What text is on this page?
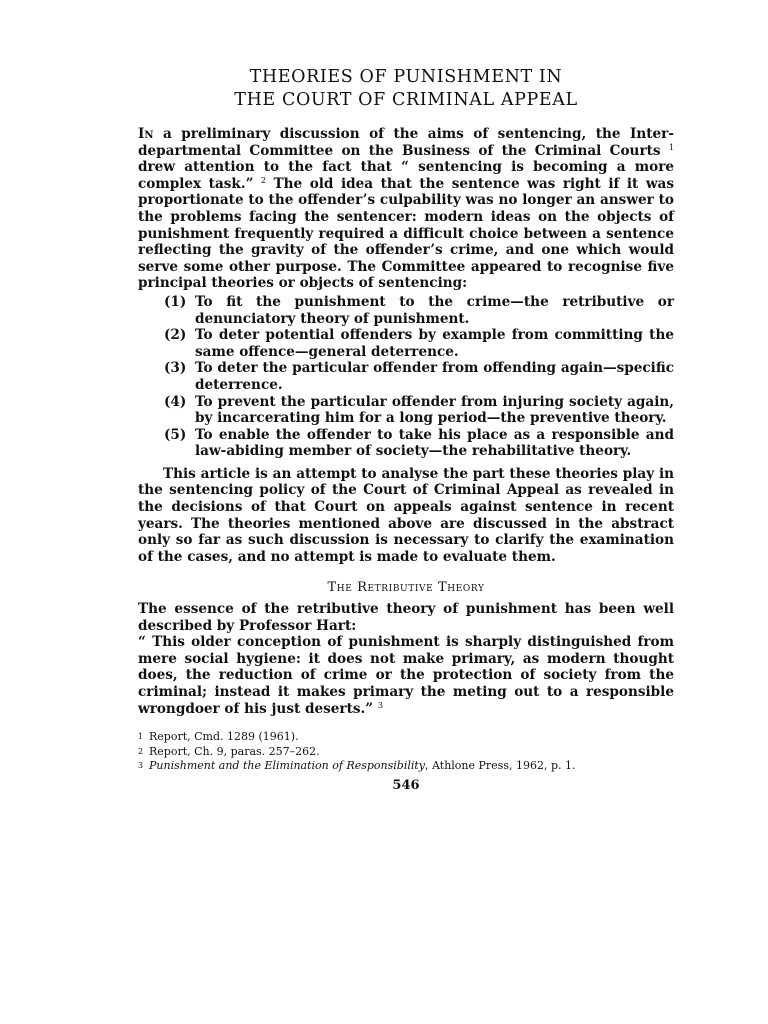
THEORIES OF PUNISHMENT IN
THE COURT OF CRIMINAL APPEAL

In a preliminary discussion of the aims of sentencing, the Inter-departmental Committee on the Business of the Criminal Courts $^1$ drew attention to the fact that “ sentencing is becoming a more complex task.” $^2$ The old idea that the sentence was right if it was proportionate to the offender’s culpability was no longer an answer to the problems facing the sentencer: modern ideas on the objects of punishment frequently required a difficult choice between a sentence reflecting the gravity of the offender’s crime, and one which would serve some other purpose. The Committee appeared to recognise five principal theories or objects of sentencing:

(1) To fit the punishment to the crime—the retributive or denunciatory theory of punishment.
(2) To deter potential offenders by example from committing the same offence—general deterrence.
(3) To deter the particular offender from offending again—specific deterrence.
(4) To prevent the particular offender from injuring society again, by incarcerating him for a long period—the preventive theory.
(5) To enable the offender to take his place as a responsible and law-abiding member of society—the rehabilitative theory.

This article is an attempt to analyse the part these theories play in the sentencing policy of the Court of Criminal Appeal as revealed in the decisions of that Court on appeals against sentence in recent years. The theories mentioned above are discussed in the abstract only so far as such discussion is necessary to clarify the examination of the cases, and no attempt is made to evaluate them.

The Retributive Theory

The essence of the retributive theory of punishment has been well described by Professor Hart:

“ This older conception of punishment is sharply distinguished from mere social hygiene: it does not make primary, as modern thought does, the reduction of crime or the protection of society from the criminal; instead it makes primary the meting out to a responsible wrongdoer of his just deserts.” $^3$

1 Report, Cmd. 1289 (1961).
2 Report, Ch. 9, paras. 257–262.
3 Punishment and the Elimination of Responsibility, Athlone Press, 1962, p. 1.
546
